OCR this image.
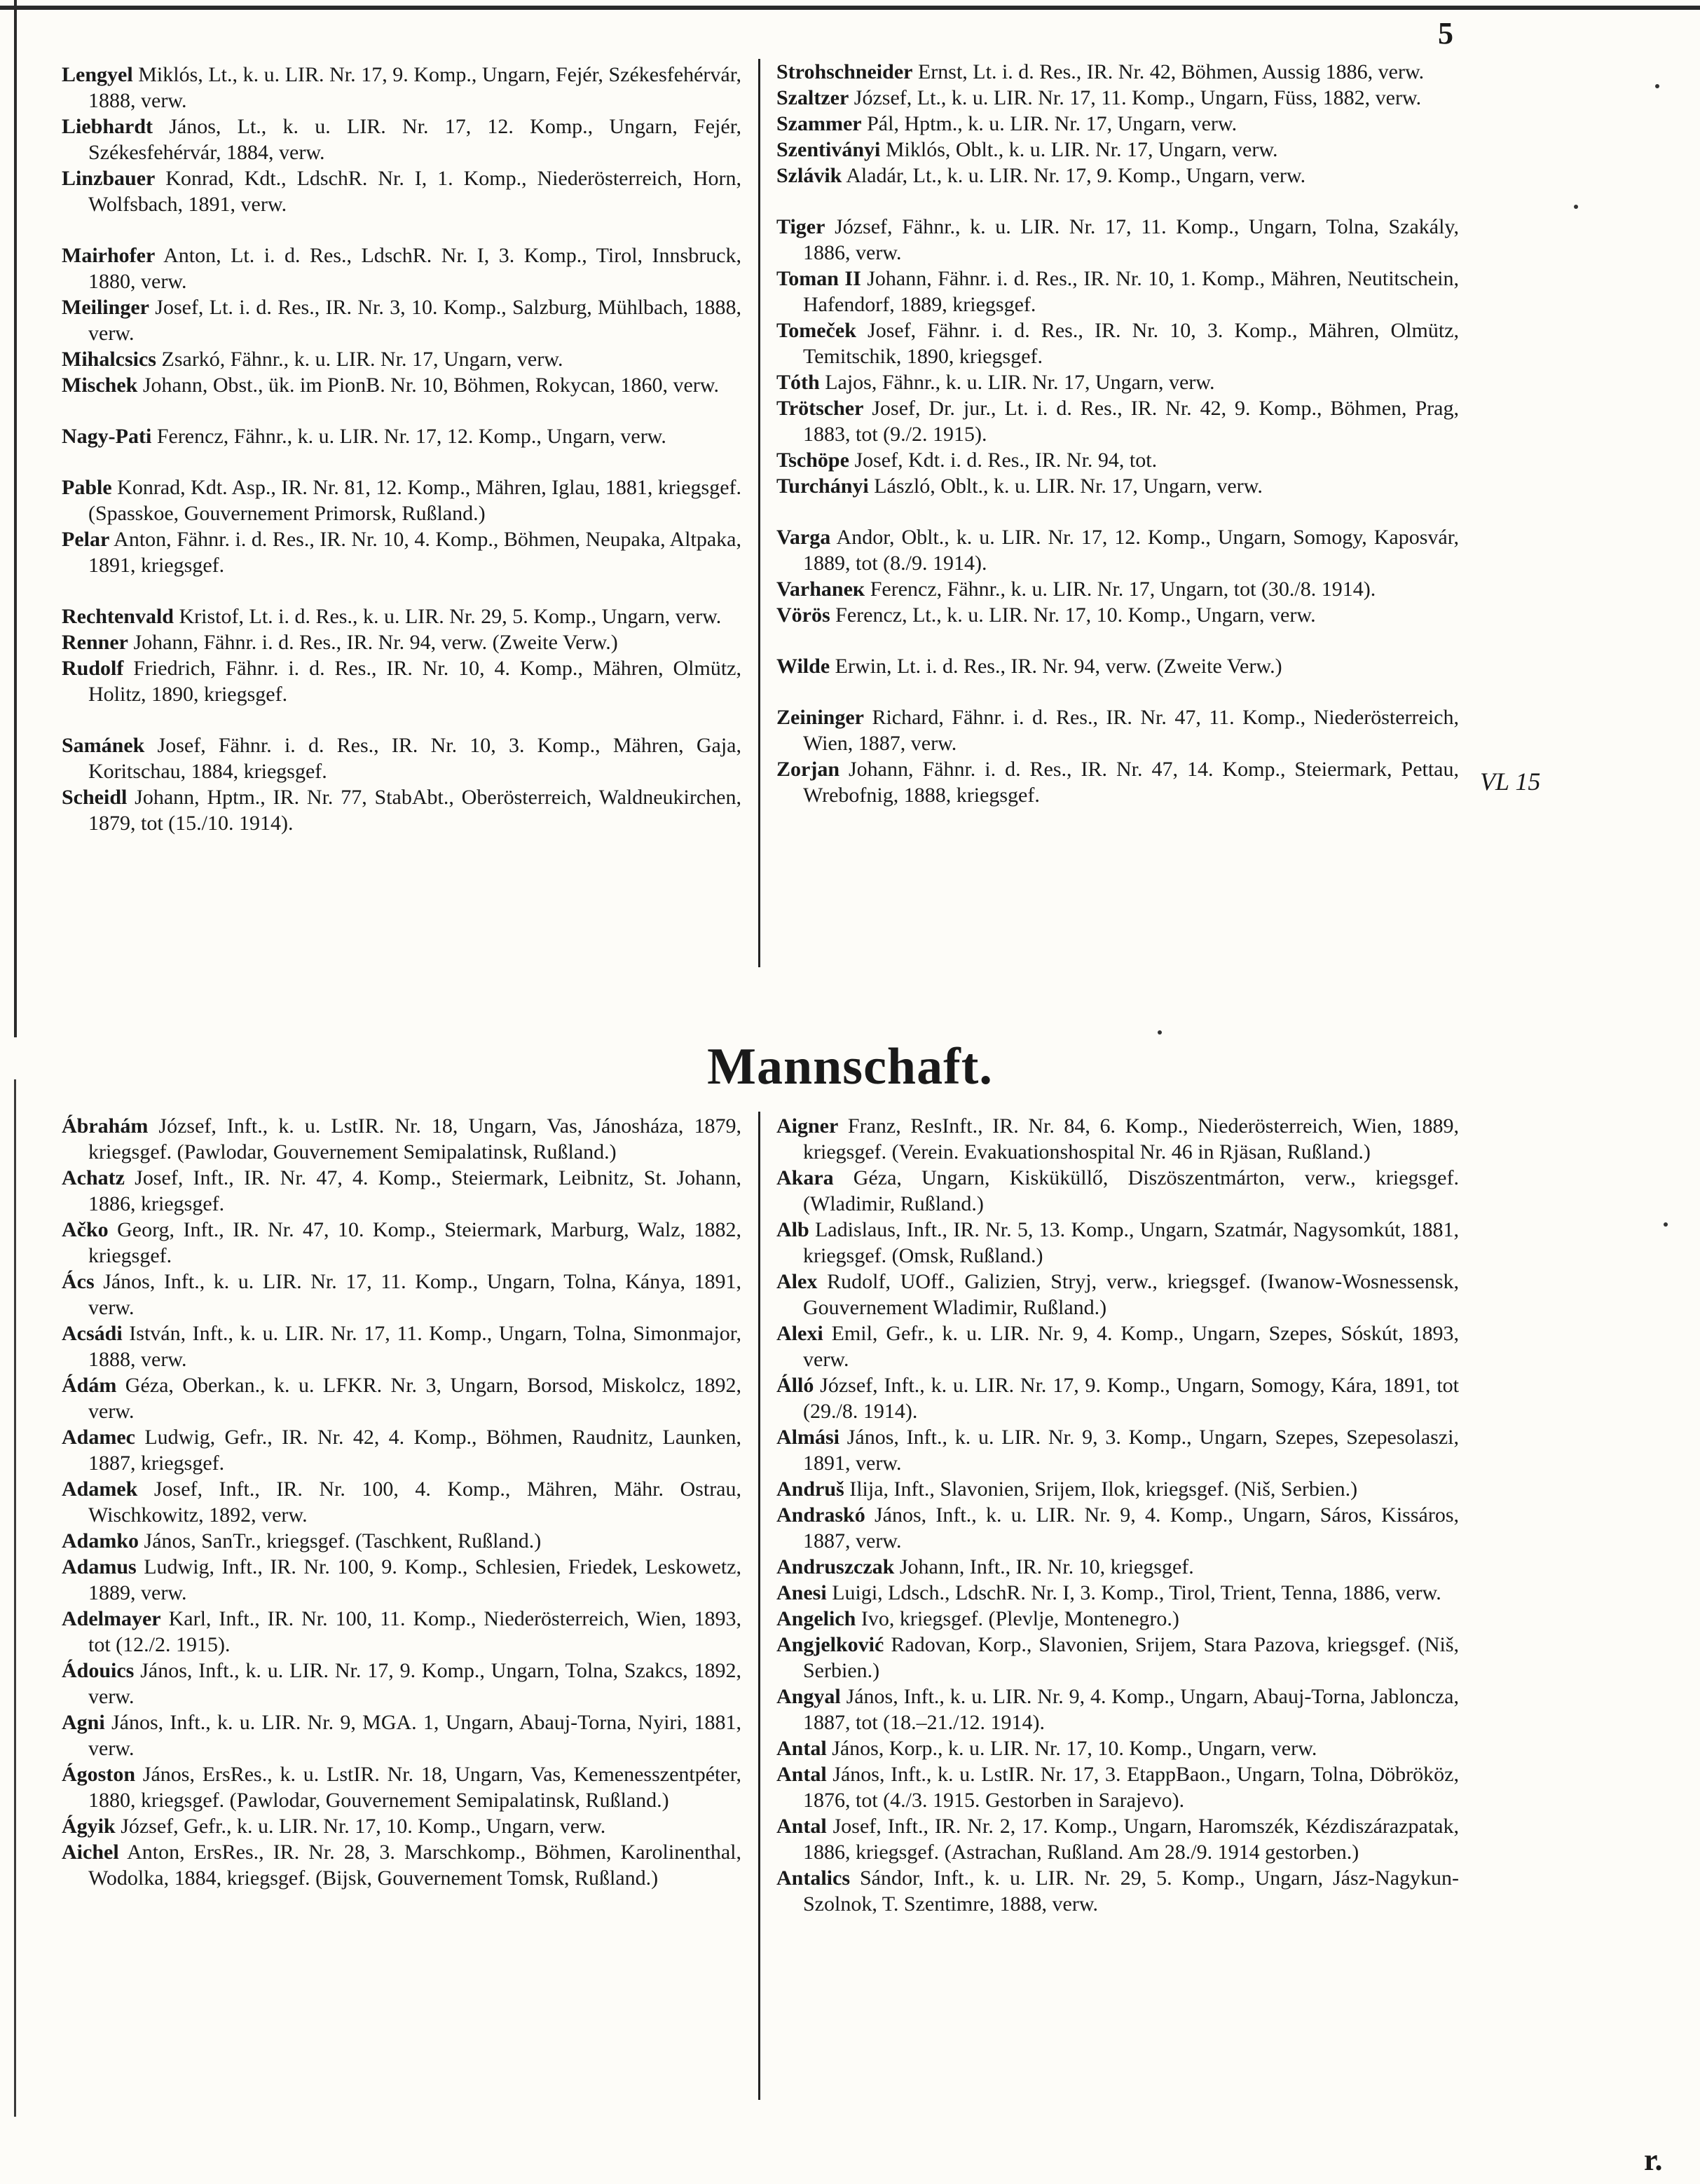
5
Lengyel Miklós, Lt., k. u. LIR. Nr. 17, 9. Komp., Ungarn, Fejér, Székesfehérvár, 1888, verw.
Liebhardt János, Lt., k. u. LIR. Nr. 17, 12. Komp., Ungarn, Fejér, Székesfehérvár, 1884, verw.
Linzbauer Konrad, Kdt., LdschR. Nr. I, 1. Komp., Niederösterreich, Horn, Wolfsbach, 1891, verw.
Mairhofer Anton, Lt. i. d. Res., LdschR. Nr. I, 3. Komp., Tirol, Innsbruck, 1880, verw.
Meilinger Josef, Lt. i. d. Res., IR. Nr. 3, 10. Komp., Salzburg, Mühlbach, 1888, verw.
Mihalcsics Zsarkó, Fähnr., k. u. LIR. Nr. 17, Ungarn, verw.
Mischek Johann, Obst., ük. im PionB. Nr. 10, Böhmen, Rokycan, 1860, verw.
Nagy-Pati Ferencz, Fähnr., k. u. LIR. Nr. 17, 12. Komp., Ungarn, verw.
Pable Konrad, Kdt. Asp., IR. Nr. 81, 12. Komp., Mähren, Iglau, 1881, kriegsgef. (Spasskoe, Gouvernement Primorsk, Rußland.)
Pelar Anton, Fähnr. i. d. Res., IR. Nr. 10, 4. Komp., Böhmen, Neupaka, Altpaka, 1891, kriegsgef.
Rechtenvald Kristof, Lt. i. d. Res., k. u. LIR. Nr. 29, 5. Komp., Ungarn, verw.
Renner Johann, Fähnr. i. d. Res., IR. Nr. 94, verw. (Zweite Verw.)
Rudolf Friedrich, Fähnr. i. d. Res., IR. Nr. 10, 4. Komp., Mähren, Olmütz, Holitz, 1890, kriegsgef.
Samánek Josef, Fähnr. i. d. Res., IR. Nr. 10, 3. Komp., Mähren, Gaja, Koritschau, 1884, kriegsgef.
Scheidl Johann, Hptm., IR. Nr. 77, StabAbt., Oberösterreich, Waldneukirchen, 1879, tot (15./10. 1914).
Strohschneider Ernst, Lt. i. d. Res., IR. Nr. 42, Böhmen, Aussig 1886, verw.
Szaltzer József, Lt., k. u. LIR. Nr. 17, 11. Komp., Ungarn, Füss, 1882, verw.
Szammer Pál, Hptm., k. u. LIR. Nr. 17, Ungarn, verw.
Szentiványi Miklós, Oblt., k. u. LIR. Nr. 17, Ungarn, verw.
Szlávik Aladár, Lt., k. u. LIR. Nr. 17, 9. Komp., Ungarn, verw.
Tiger József, Fähnr., k. u. LIR. Nr. 17, 11. Komp., Ungarn, Tolna, Szakály, 1886, verw.
Toman II Johann, Fähnr. i. d. Res., IR. Nr. 10, 1. Komp., Mähren, Neutitschein, Hafendorf, 1889, kriegsgef.
Tomeček Josef, Fähnr. i. d. Res., IR. Nr. 10, 3. Komp., Mähren, Olmütz, Temitschik, 1890, kriegsgef.
Tóth Lajos, Fähnr., k. u. LIR. Nr. 17, Ungarn, verw.
Trötscher Josef, Dr. jur., Lt. i. d. Res., IR. Nr. 42, 9. Komp., Böhmen, Prag, 1883, tot (9./2. 1915).
Tschöpe Josef, Kdt. i. d. Res., IR. Nr. 94, tot.
Turchányi László, Oblt., k. u. LIR. Nr. 17, Ungarn, verw.
Varga Andor, Oblt., k. u. LIR. Nr. 17, 12. Komp., Ungarn, Somogy, Kaposvár, 1889, tot (8./9. 1914).
Varhaneк Ferencz, Fähnr., k. u. LIR. Nr. 17, Ungarn, tot (30./8. 1914).
Vörös Ferencz, Lt., k. u. LIR. Nr. 17, 10. Komp., Ungarn, verw.
Wilde Erwin, Lt. i. d. Res., IR. Nr. 94, verw. (Zweite Verw.)
Zeininger Richard, Fähnr. i. d. Res., IR. Nr. 47, 11. Komp., Niederösterreich, Wien, 1887, verw.
Zorjan Johann, Fähnr. i. d. Res., IR. Nr. 47, 14. Komp., Steiermark, Pettau, Wrebofnig, 1888, kriegsgef.	VL 15
Mannschaft.
Ábrahám József, Inft., k. u. LstIR. Nr. 18, Ungarn, Vas, Jánosháza, 1879, kriegsgef. (Pawlodar, Gouvernement Semipalatinsk, Rußland.)
Achatz Josef, Inft., IR. Nr. 47, 4. Komp., Steiermark, Leibnitz, St. Johann, 1886, kriegsgef.
Ačko Georg, Inft., IR. Nr. 47, 10. Komp., Steiermark, Marburg, Walz, 1882, kriegsgef.
Ács János, Inft., k. u. LIR. Nr. 17, 11. Komp., Ungarn, Tolna, Kánya, 1891, verw.
Acsádi István, Inft., k. u. LIR. Nr. 17, 11. Komp., Ungarn, Tolna, Simonmajor, 1888, verw.
Ádám Géza, Oberkan., k. u. LFKR. Nr. 3, Ungarn, Borsod, Miskolcz, 1892, verw.
Adamec Ludwig, Gefr., IR. Nr. 42, 4. Komp., Böhmen, Raudnitz, Launken, 1887, kriegsgef.
Adamek Josef, Inft., IR. Nr. 100, 4. Komp., Mähren, Mähr. Ostrau, Wischkowitz, 1892, verw.
Adamko János, SanTr., kriegsgef. (Taschkent, Rußland.)
Adamus Ludwig, Inft., IR. Nr. 100, 9. Komp., Schlesien, Friedek, Leskowetz, 1889, verw.
Adelmayer Karl, Inft., IR. Nr. 100, 11. Komp., Niederösterreich, Wien, 1893, tot (12./2. 1915).
Ádouics János, Inft., k. u. LIR. Nr. 17, 9. Komp., Ungarn, Tolna, Szakcs, 1892, verw.
Agni János, Inft., k. u. LIR. Nr. 9, MGA. 1, Ungarn, Abauj-Torna, Nyiri, 1881, verw.
Ágoston János, ErsRes., k. u. LstIR. Nr. 18, Ungarn, Vas, Kemenesszentpéter, 1880, kriegsgef. (Pawlodar, Gouvernement Semipalatinsk, Rußland.)
Ágyik József, Gefr., k. u. LIR. Nr. 17, 10. Komp., Ungarn, verw.
Aichel Anton, ErsRes., IR. Nr. 28, 3. Marschkomp., Böhmen, Karolinenthal, Wodolka, 1884, kriegsgef. (Bijsk, Gouvernement Tomsk, Rußland.)
Aigner Franz, ResInft., IR. Nr. 84, 6. Komp., Niederösterreich, Wien, 1889, kriegsgef. (Verein. Evakuationshospital Nr. 46 in Rjäsan, Rußland.)
Akara Géza, Ungarn, Kisküküllő, Diszöszentmárton, verw., kriegsgef. (Wladimir, Rußland.)
Alb Ladislaus, Inft., IR. Nr. 5, 13. Komp., Ungarn, Szatmár, Nagysomkút, 1881, kriegsgef. (Omsk, Rußland.)
Alex Rudolf, UOff., Galizien, Stryj, verw., kriegsgef. (Iwanow-Wosnessensk, Gouvernement Wladimir, Rußland.)
Alexi Emil, Gefr., k. u. LIR. Nr. 9, 4. Komp., Ungarn, Szepes, Sóskút, 1893, verw.
Álló József, Inft., k. u. LIR. Nr. 17, 9. Komp., Ungarn, Somogy, Kára, 1891, tot (29./8. 1914).
Almási János, Inft., k. u. LIR. Nr. 9, 3. Komp., Ungarn, Szepes, Szepesolaszi, 1891, verw.
Andruš Ilija, Inft., Slavonien, Srijem, Ilok, kriegsgef. (Niš, Serbien.)
Andraskó János, Inft., k. u. LIR. Nr. 9, 4. Komp., Ungarn, Sáros, Kissáros, 1887, verw.
Andruszczak Johann, Inft., IR. Nr. 10, kriegsgef.
Anesi Luigi, Ldsch., LdschR. Nr. I, 3. Komp., Tirol, Trient, Tenna, 1886, verw.
Angelich Ivo, kriegsgef. (Plevlje, Montenegro.)
Angjelković Radovan, Korp., Slavonien, Srijem, Stara Pazova, kriegsgef. (Niš, Serbien.)
Angyal János, Inft., k. u. LIR. Nr. 9, 4. Komp., Ungarn, Abauj-Torna, Jabloncza, 1887, tot (18.–21./12. 1914).
Antal János, Korp., k. u. LIR. Nr. 17, 10. Komp., Ungarn, verw.
Antal János, Inft., k. u. LstIR. Nr. 17, 3. EtappBaon., Ungarn, Tolna, Döbrököz, 1876, tot (4./3. 1915. Gestorben in Sarajevo).
Antal Josef, Inft., IR. Nr. 2, 17. Komp., Ungarn, Haromszék, Kézdiszárazpatak, 1886, kriegsgef. (Astrachan, Rußland. Am 28./9. 1914 gestorben.)
Antalics Sándor, Inft., k. u. LIR. Nr. 29, 5. Komp., Ungarn, Jász-Nagykun-Szolnok, T. Szentimre, 1888, verw.
r.
